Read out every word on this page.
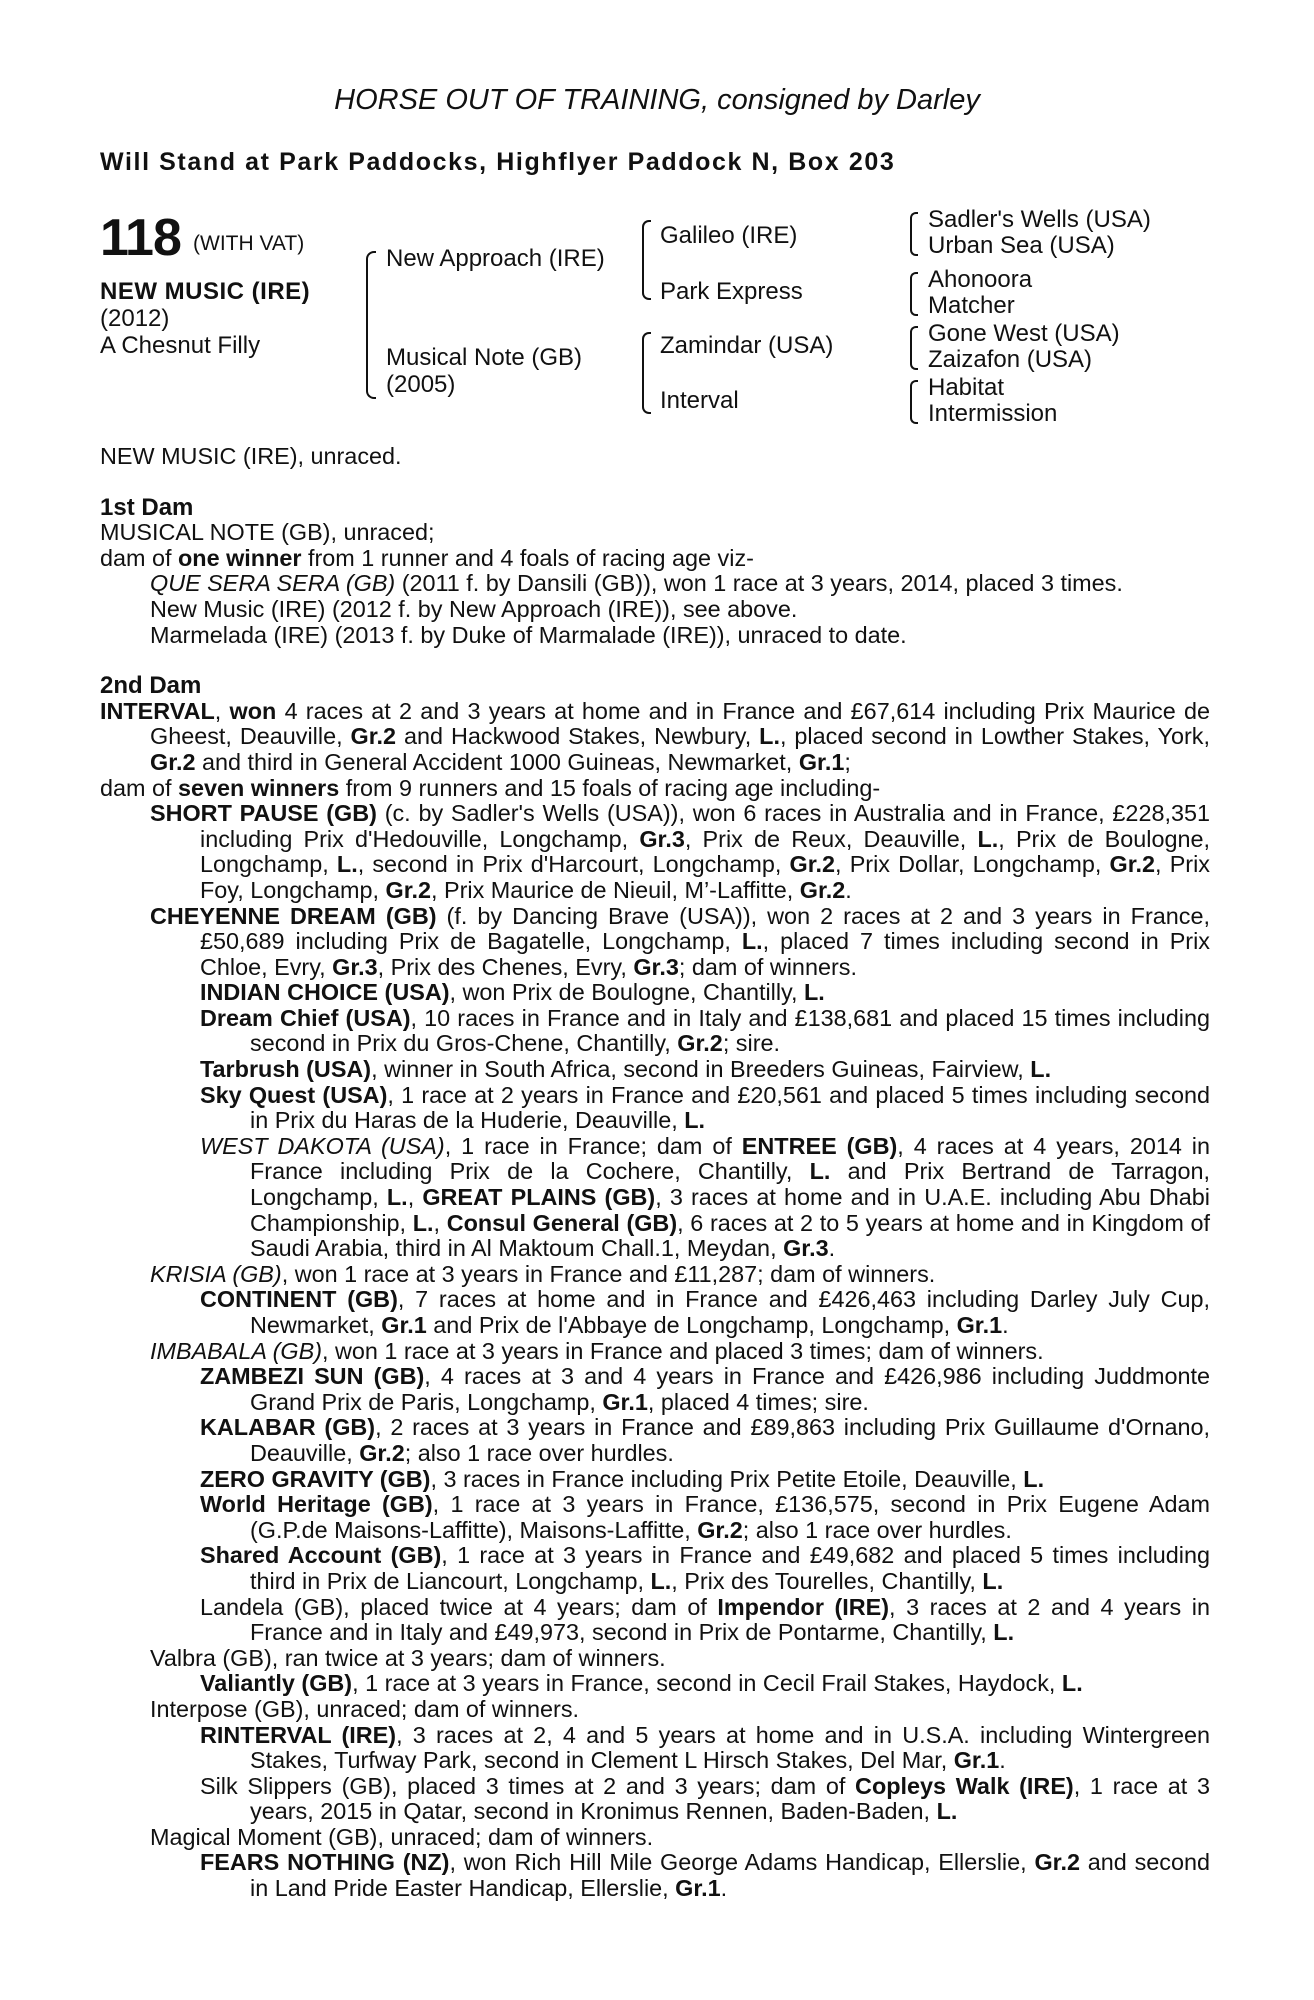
HORSE OUT OF TRAINING, consigned by Darley
Will Stand at Park Paddocks, Highflyer Paddock N, Box 203
118 (WITH VAT)
NEW MUSIC (IRE)
(2012)
A Chesnut Filly
New Approach (IRE)
Musical Note (GB)
(2005)
Galileo (IRE)
Park Express
Zamindar (USA)
Interval
Sadler's Wells (USA)
Urban Sea (USA)
Ahonoora
Matcher
Gone West (USA)
Zaizafon (USA)
Habitat
Intermission

NEW MUSIC (IRE), unraced.

1st Dam

MUSICAL NOTE (GB), unraced;

dam of one winner from 1 runner and 4 foals of racing age viz-

QUE SERA SERA (GB) (2011 f. by Dansili (GB)), won 1 race at 3 years, 2014, placed 3 times.

New Music (IRE) (2012 f. by New Approach (IRE)), see above.

Marmelada (IRE) (2013 f. by Duke of Marmalade (IRE)), unraced to date.

2nd Dam

INTERVAL, won 4 races at 2 and 3 years at home and in France and £67,614 including Prix Maurice de Gheest, Deauville, Gr.2 and Hackwood Stakes, Newbury, L., placed second in Lowther Stakes, York, Gr.2 and third in General Accident 1000 Guineas, Newmarket, Gr.1;

dam of seven winners from 9 runners and 15 foals of racing age including-

SHORT PAUSE (GB) (c. by Sadler's Wells (USA)), won 6 races in Australia and in France, £228,351 including Prix d'Hedouville, Longchamp, Gr.3, Prix de Reux, Deauville, L., Prix de Boulogne, Longchamp, L., second in Prix d'Harcourt, Longchamp, Gr.2, Prix Dollar, Longchamp, Gr.2, Prix Foy, Longchamp, Gr.2, Prix Maurice de Nieuil, M’-Laffitte, Gr.2.

CHEYENNE DREAM (GB) (f. by Dancing Brave (USA)), won 2 races at 2 and 3 years in France, £50,689 including Prix de Bagatelle, Longchamp, L., placed 7 times including second in Prix Chloe, Evry, Gr.3, Prix des Chenes, Evry, Gr.3; dam of winners.

INDIAN CHOICE (USA), won Prix de Boulogne, Chantilly, L.

Dream Chief (USA), 10 races in France and in Italy and £138,681 and placed 15 times including second in Prix du Gros-Chene, Chantilly, Gr.2; sire.

Tarbrush (USA), winner in South Africa, second in Breeders Guineas, Fairview, L.

Sky Quest (USA), 1 race at 2 years in France and £20,561 and placed 5 times including second in Prix du Haras de la Huderie, Deauville, L.

WEST DAKOTA (USA), 1 race in France; dam of ENTREE (GB), 4 races at 4 years, 2014 in France including Prix de la Cochere, Chantilly, L. and Prix Bertrand de Tarragon, Longchamp, L., GREAT PLAINS (GB), 3 races at home and in U.A.E. including Abu Dhabi Championship, L., Consul General (GB), 6 races at 2 to 5 years at home and in Kingdom of Saudi Arabia, third in Al Maktoum Chall.1, Meydan, Gr.3.

KRISIA (GB), won 1 race at 3 years in France and £11,287; dam of winners.

CONTINENT (GB), 7 races at home and in France and £426,463 including Darley July Cup, Newmarket, Gr.1 and Prix de l'Abbaye de Longchamp, Longchamp, Gr.1.

IMBABALA (GB), won 1 race at 3 years in France and placed 3 times; dam of winners.

ZAMBEZI SUN (GB), 4 races at 3 and 4 years in France and £426,986 including Juddmonte Grand Prix de Paris, Longchamp, Gr.1, placed 4 times; sire.

KALABAR (GB), 2 races at 3 years in France and £89,863 including Prix Guillaume d'Ornano, Deauville, Gr.2; also 1 race over hurdles.

ZERO GRAVITY (GB), 3 races in France including Prix Petite Etoile, Deauville, L.

World Heritage (GB), 1 race at 3 years in France, £136,575, second in Prix Eugene Adam (G.P.de Maisons-Laffitte), Maisons-Laffitte, Gr.2; also 1 race over hurdles.

Shared Account (GB), 1 race at 3 years in France and £49,682 and placed 5 times including third in Prix de Liancourt, Longchamp, L., Prix des Tourelles, Chantilly, L.

Landela (GB), placed twice at 4 years; dam of Impendor (IRE), 3 races at 2 and 4 years in France and in Italy and £49,973, second in Prix de Pontarme, Chantilly, L.

Valbra (GB), ran twice at 3 years; dam of winners.

Valiantly (GB), 1 race at 3 years in France, second in Cecil Frail Stakes, Haydock, L.

Interpose (GB), unraced; dam of winners.

RINTERVAL (IRE), 3 races at 2, 4 and 5 years at home and in U.S.A. including Wintergreen Stakes, Turfway Park, second in Clement L Hirsch Stakes, Del Mar, Gr.1.

Silk Slippers (GB), placed 3 times at 2 and 3 years; dam of Copleys Walk (IRE), 1 race at 3 years, 2015 in Qatar, second in Kronimus Rennen, Baden-Baden, L.

Magical Moment (GB), unraced; dam of winners.

FEARS NOTHING (NZ), won Rich Hill Mile George Adams Handicap, Ellerslie, Gr.2 and second in Land Pride Easter Handicap, Ellerslie, Gr.1.
